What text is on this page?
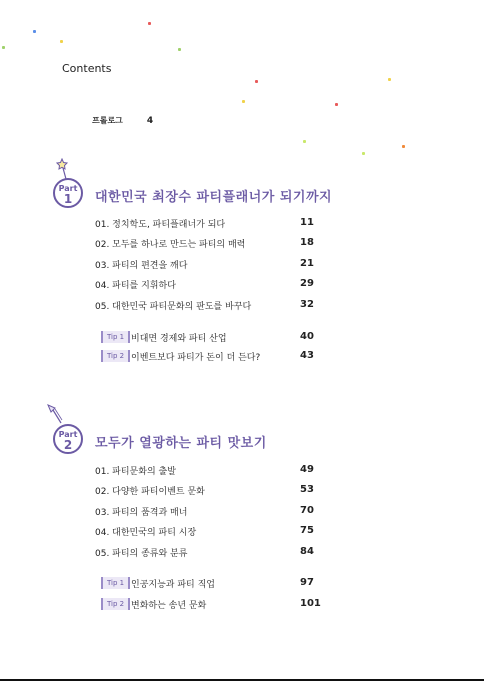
Contents
프롤로그	4
Part
1	대한민국 최장수 파티플래너가 되기까지
01. 정치학도, 파티플래너가 되다	11
02. 모두를 하나로 만드는 파티의 매력	18
03. 파티의 편견을 깨다	21
04. 파티를 지휘하다	29
05. 대한민국 파티문화의 판도를 바꾸다	32
Tip 1 비대면 경제와 파티 산업	40
Tip 2 이벤트보다 파티가 돈이 더 든다?	43
Part
2	모두가 열광하는 파티 맛보기
01. 파티문화의 출발	49
02. 다양한 파티이벤트 문화	53
03. 파티의 품격과 매너	70
04. 대한민국의 파티 시장	75
05. 파티의 종류와 분류	84
Tip 1 인공지능과 파티 직업	97
Tip 2 변화하는 송년 문화	101
